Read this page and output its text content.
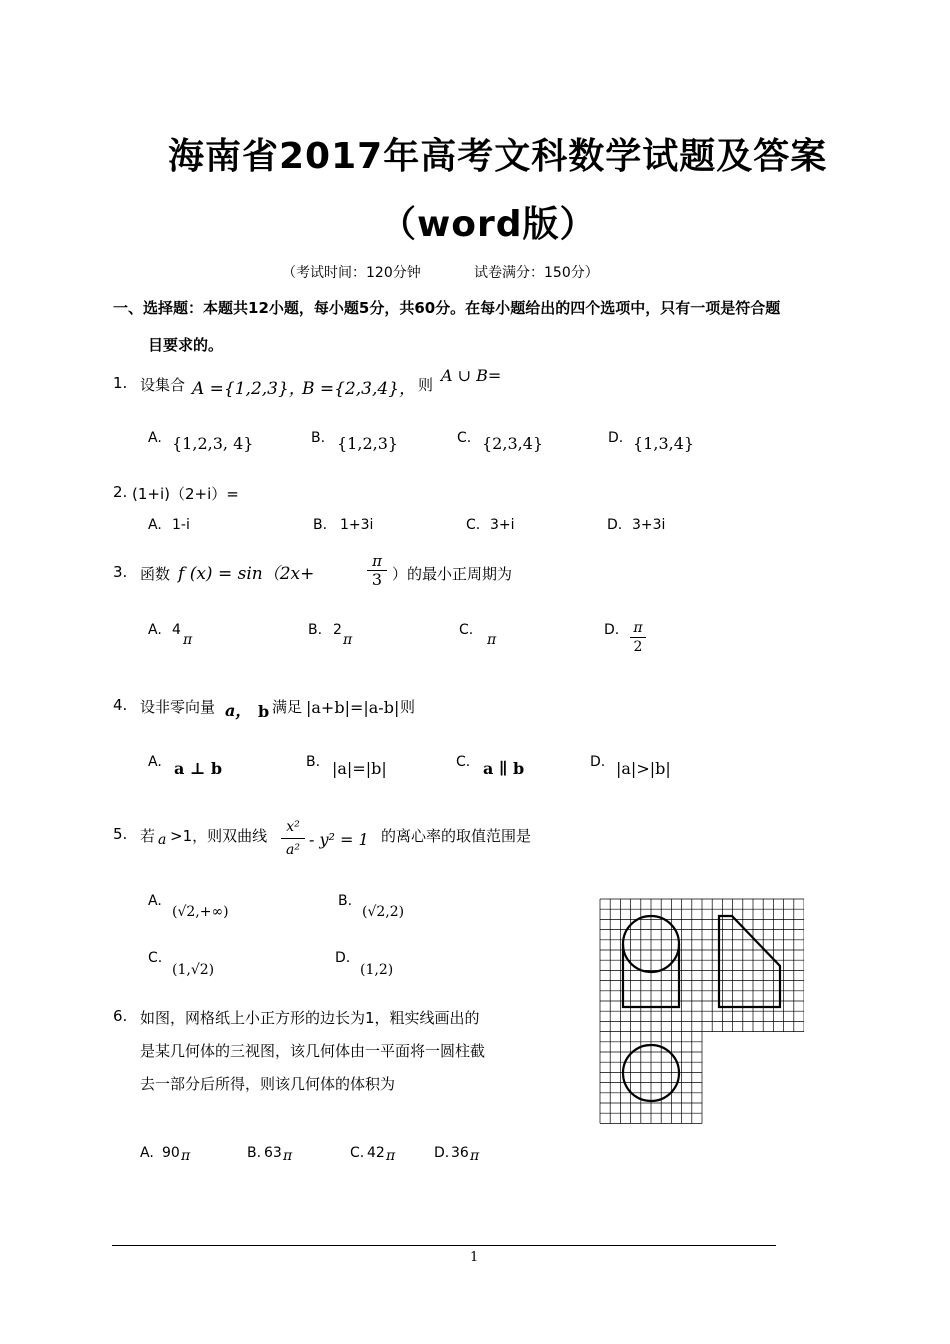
海南省2017年高考文科数学试题及答案
（word版）
（考试时间：120分钟	试卷满分：150分）
一、选择题：本题共12小题，每小题5分，共60分。在每小题给出的四个选项中，只有一项是符合题
目要求的。
1. 设集合 A ={1,2,3}，
B ={2,3,4}， 则 A ∪ B=
A. {1,2,3, 4}	B. {1,2,3}	C. {2,3,4}	D. {1,3,4}
2. (1+i)（2+i）=
A. 1-i	B. 1+3i	C. 3+i	D. 3+3i
3. 函数 f (x) = sin（2x+	$\frac{\pi}{3}$ ）的最小正周期为
A. 4
π
B. 2
π
C.
π
D. $\frac{\pi}{2}$
4. 设非零向量 a， b 满足 |a+b|=|a-b| 则
A. a ⊥ b	B. |a|=|b|	C. a ∥ b	D. |a|>|b|
5. 若 a >1，则双曲线 $\frac{\text{x²}}{\text{a²}} - y^2 = 1$ 的离心率的取值范围是
A.
(√2,+∞)
B.
(√2,2)
C.
(1,√2)
D.
(1,2)
6. 如图，网格纸上小正方形的边长为1，粗实线画出的
是某几何体的三视图，该几何体由一平面将一圆柱截
去一部分后所得，则该几何体的体积为
A. 90 π	B. 63 π	C. 42 π	D. 36 π
1
